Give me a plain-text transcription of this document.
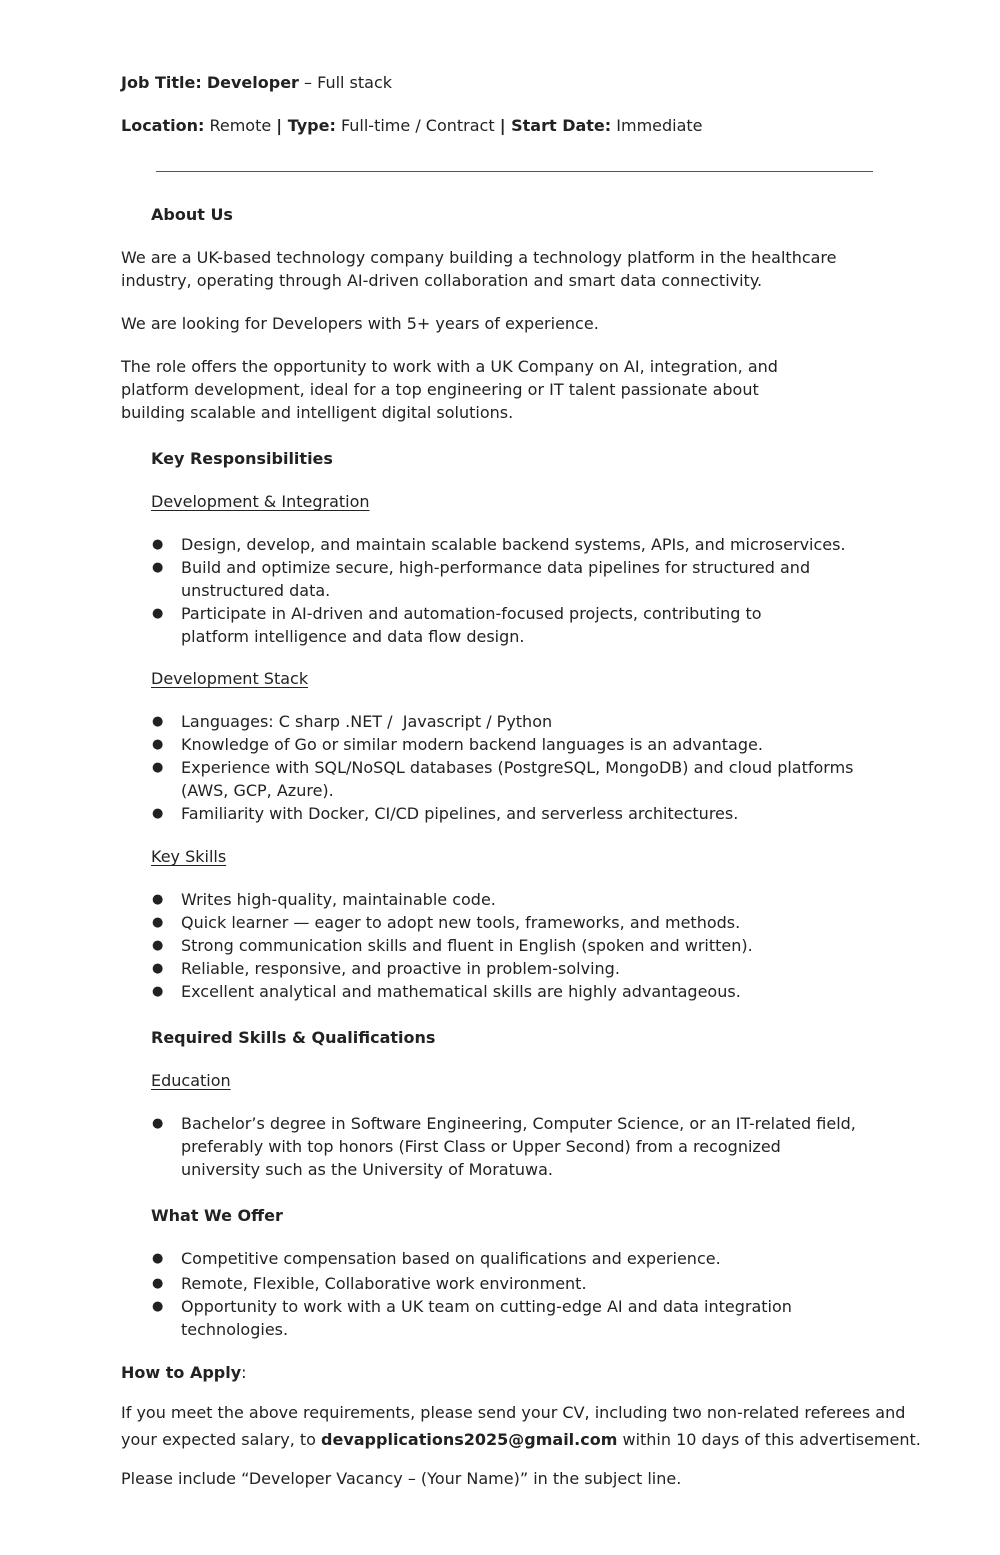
Job Title: Developer – Full stack

Location: Remote | Type: Full-time / Contract | Start Date: Immediate

About Us

We are a UK-based technology company building a technology platform in the healthcare industry, operating through AI-driven collaboration and smart data connectivity.

We are looking for Developers with 5+ years of experience.

The role offers the opportunity to work with a UK Company on AI, integration, and platform development, ideal for a top engineering or IT talent passionate about building scalable and intelligent digital solutions.

Key Responsibilities

Development & Integration

● Design, develop, and maintain scalable backend systems, APIs, and microservices.
● Build and optimize secure, high-performance data pipelines for structured and unstructured data.
● Participate in AI-driven and automation-focused projects, contributing to platform intelligence and data flow design.

Development Stack

● Languages: C sharp .NET /  Javascript / Python
● Knowledge of Go or similar modern backend languages is an advantage.
● Experience with SQL/NoSQL databases (PostgreSQL, MongoDB) and cloud platforms (AWS, GCP, Azure).
● Familiarity with Docker, CI/CD pipelines, and serverless architectures.

Key Skills

● Writes high-quality, maintainable code.
● Quick learner — eager to adopt new tools, frameworks, and methods.
● Strong communication skills and fluent in English (spoken and written).
● Reliable, responsive, and proactive in problem-solving.
● Excellent analytical and mathematical skills are highly advantageous.

Required Skills & Qualifications

Education

● Bachelor’s degree in Software Engineering, Computer Science, or an IT-related field, preferably with top honors (First Class or Upper Second) from a recognized university such as the University of Moratuwa.

What We Offer

● Competitive compensation based on qualifications and experience.
● Remote, Flexible, Collaborative work environment.
● Opportunity to work with a UK team on cutting-edge AI and data integration technologies.

How to Apply:

If you meet the above requirements, please send your CV, including two non-related referees and

your expected salary, to devapplications2025@gmail.com within 10 days of this advertisement.

Please include “Developer Vacancy – (Your Name)” in the subject line.
